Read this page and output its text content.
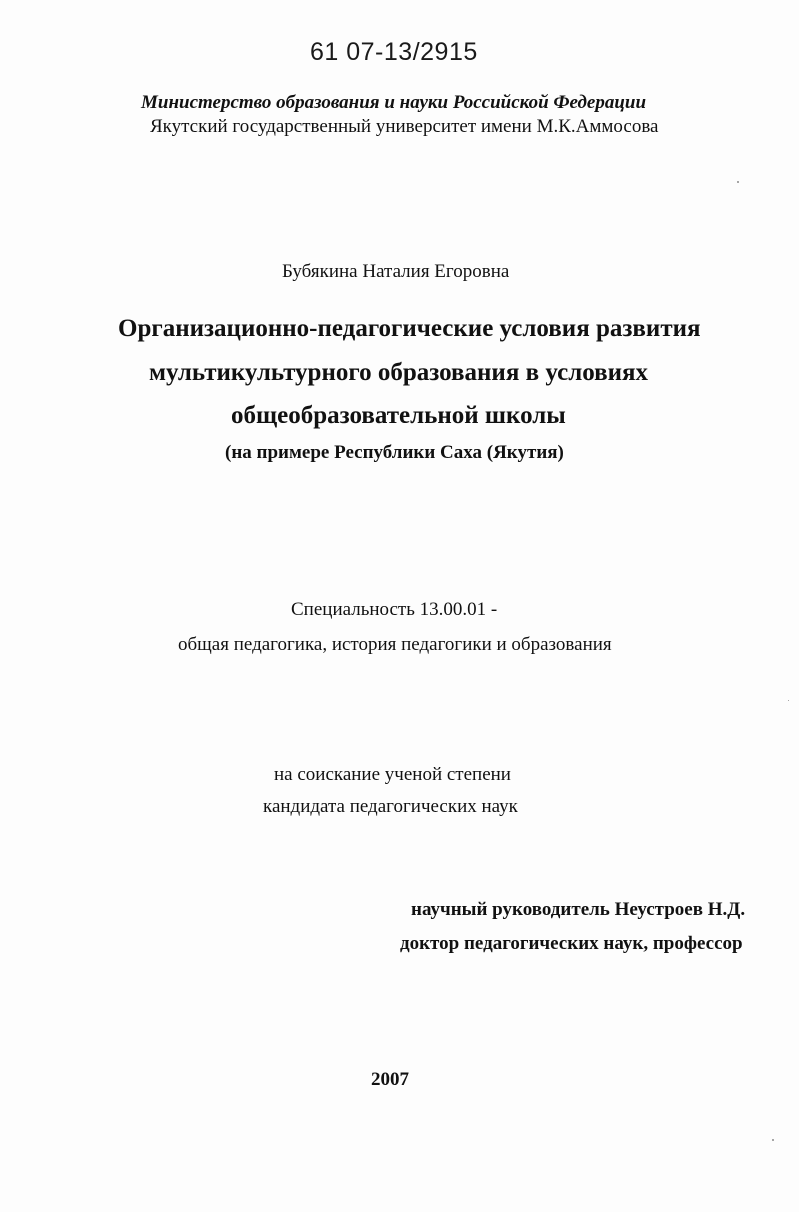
61 07-13/2915
Министерство образования и науки Российской Федерации
Якутский государственный университет имени М.К.Аммосова
Бубякина Наталия Егоровна
Организационно-педагогические условия развития
мультикультурного образования в условиях
общеобразовательной школы
(на примере Республики Саха (Якутия)
Специальность 13.00.01 -
общая педагогика, история педагогики и образования
на соискание ученой степени
кандидата педагогических наук
научный руководитель Неустроев Н.Д.
доктор педагогических наук, профессор
2007
